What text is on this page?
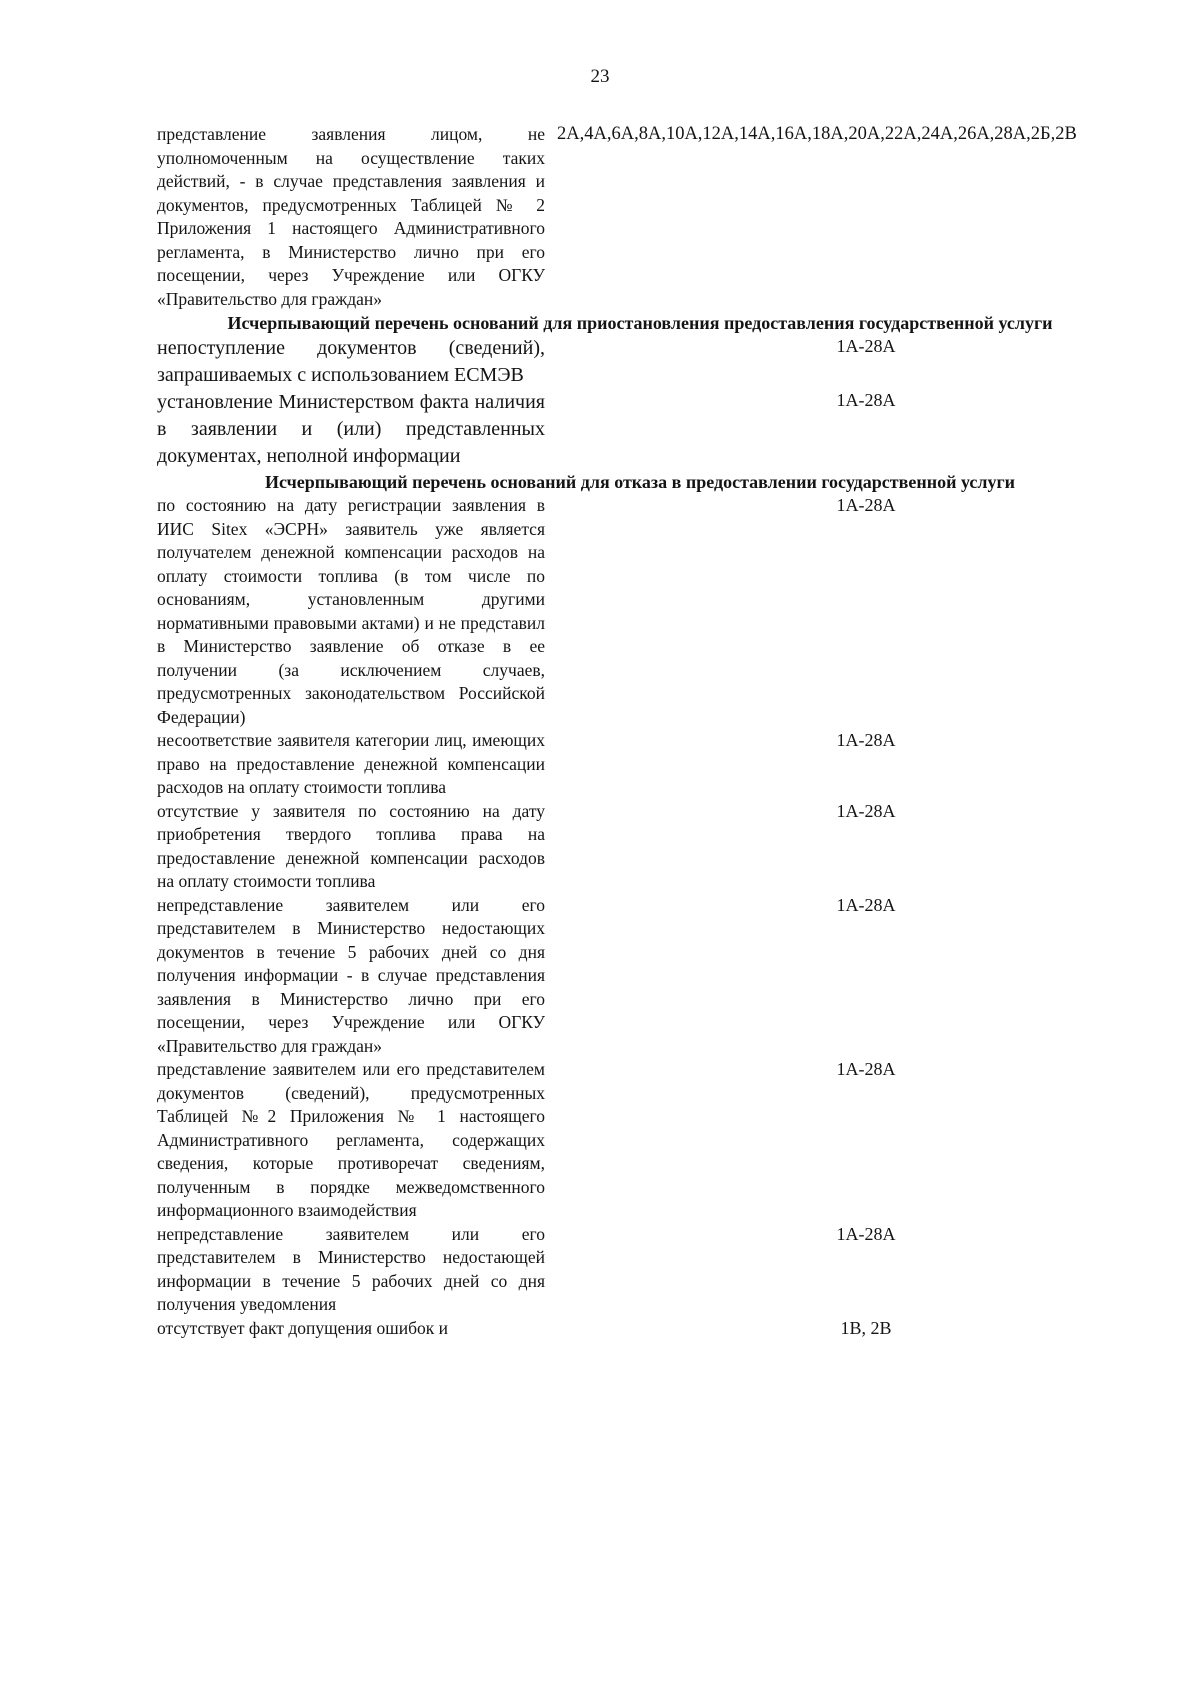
23
представление заявления лицом, не уполномоченным на осуществление таких действий, - в случае представления заявления и документов, предусмотренных Таблицей № 2 Приложения 1 настоящего Административного регламента, в Министерство лично при его посещении, через Учреждение или ОГКУ «Правительство для граждан»
2А,4А,6А,8А,10А,12А,14А,16А,18А,20А,22А,24А,26А,28А,2Б,2В
Исчерпывающий перечень оснований для приостановления предоставления государственной услуги
непоступление документов (сведений), запрашиваемых с использованием ЕСМЭВ
1А-28А
установление Министерством факта наличия в заявлении и (или) представленных документах, неполной информации
1А-28А
Исчерпывающий перечень оснований для отказа в предоставлении государственной услуги
по состоянию на дату регистрации заявления в ИИС Sitex «ЭСРН» заявитель уже является получателем денежной компенсации расходов на оплату стоимости топлива (в том числе по основаниям, установленным другими нормативными правовыми актами) и не представил в Министерство заявление об отказе в ее получении (за исключением случаев, предусмотренных законодательством Российской Федерации)
1А-28А
несоответствие заявителя категории лиц, имеющих право на предоставление денежной компенсации расходов на оплату стоимости топлива
1А-28А
отсутствие у заявителя по состоянию на дату приобретения твердого топлива права на предоставление денежной компенсации расходов на оплату стоимости топлива
1А-28А
непредставление заявителем или его представителем в Министерство недостающих документов в течение 5 рабочих дней со дня получения информации - в случае представления заявления в Министерство лично при его посещении, через Учреждение или ОГКУ «Правительство для граждан»
1А-28А
представление заявителем или его представителем документов (сведений), предусмотренных Таблицей №2 Приложения № 1 настоящего Административного регламента, содержащих сведения, которые противоречат сведениям, полученным в порядке межведомственного информационного взаимодействия
1А-28А
непредставление заявителем или его представителем в Министерство недостающей информации в течение 5 рабочих дней со дня получения уведомления
1А-28А
отсутствует факт допущения ошибок и	1В, 2В
